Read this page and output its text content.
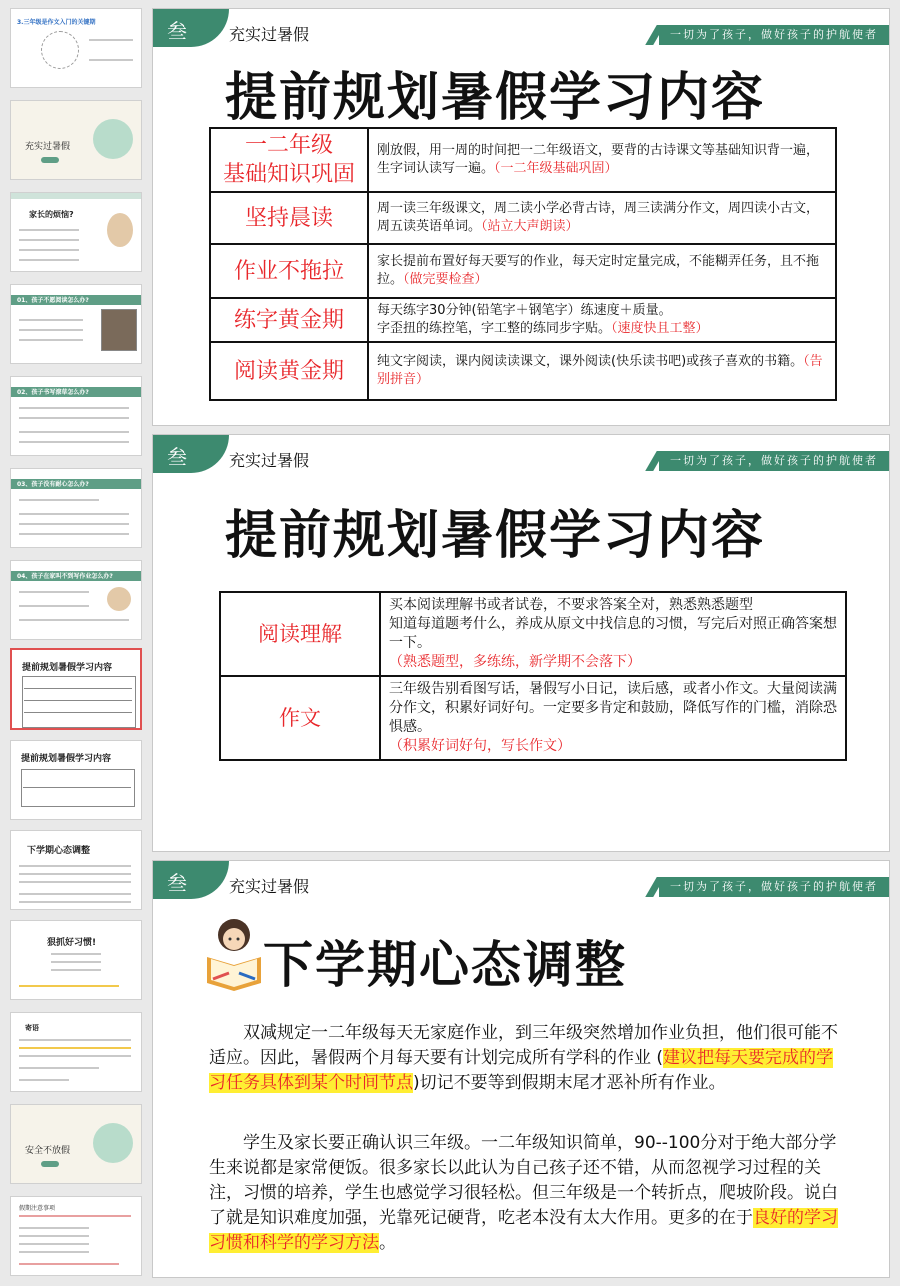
3.三年级是作文入门的关键期
充实过暑假
家长的烦恼?
01、孩子不愿阅读怎么办?
02、孩子书写潦草怎么办?
03、孩子没有耐心怎么办?
04、孩子在家叫不到写作业怎么办?
提前规划暑假学习内容
提前规划暑假学习内容
下学期心态调整
狠抓好习惯!
寄语
安全不放假
假期注意事项
叁	充实过暑假	一切为了孩子，做好孩子的护航使者
提前规划暑假学习内容
一二年级
基础知识巩固	刚放假，用一周的时间把一二年级语文，要背的古诗课文等基础知识背一遍，生字词认读写一遍。（一二年级基础巩固）
坚持晨读	周一读三年级课文，周二读小学必背古诗，周三读满分作文，周四读小古文，周五读英语单词。（站立大声朗读）
作业不拖拉	家长提前布置好每天要写的作业，每天定时定量完成，不能糊弄任务，且不拖拉。（做完要检查）
练字黄金期	每天练字30分钟(铅笔字＋钢笔字）练速度＋质量。
字歪扭的练控笔，字工整的练同步字贴。（速度快且工整）
阅读黄金期	纯文字阅读，课内阅读读课文，课外阅读(快乐读书吧)或孩子喜欢的书籍。（告别拼音）
叁	充实过暑假	一切为了孩子，做好孩子的护航使者
提前规划暑假学习内容
阅读理解	买本阅读理解书或者试卷，不要求答案全对，熟悉熟悉题型
知道每道题考什么，养成从原文中找信息的习惯，写完后对照正确答案想一下。
（熟悉题型，多练练，新学期不会落下）
作文	三年级告别看图写话，暑假写小日记，读后感，或者小作文。大量阅读满分作文，积累好词好句。一定要多肯定和鼓励，降低写作的门槛，消除恐惧感。
（积累好词好句，写长作文）
叁	充实过暑假	一切为了孩子，做好孩子的护航使者
下学期心态调整
双减规定一二年级每天无家庭作业，到三年级突然增加作业负担，他们很可能不适应。因此，暑假两个月每天要有计划完成所有学科的作业 (建议把每天要完成的学习任务具体到某个时间节点)切记不要等到假期末尾才恶补所有作业。
学生及家长要正确认识三年级。一二年级知识简单，90--100分对于绝大部分学生来说都是家常便饭。很多家长以此认为自己孩子还不错，从而忽视学习过程的关注，习惯的培养，学生也感觉学习很轻松。但三年级是一个转折点，爬坡阶段。说白了就是知识难度加强，光靠死记硬背，吃老本没有太大作用。更多的在于良好的学习习惯和科学的学习方法。
